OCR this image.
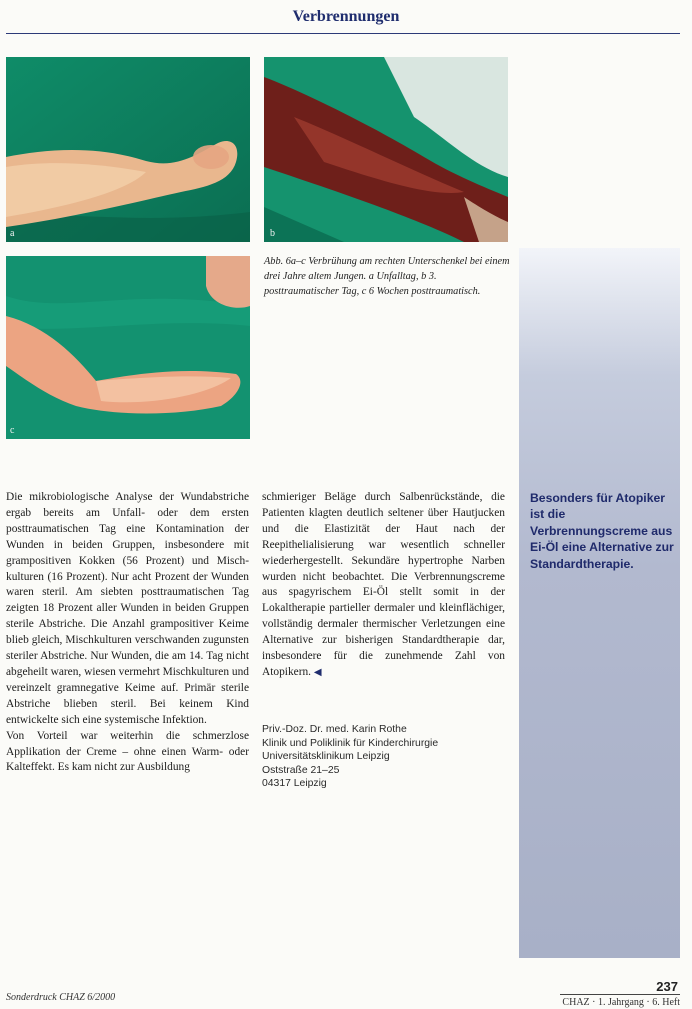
Verbrennungen
a	b
c
Abb. 6a–c Verbrühung am rechten Unterschenkel bei einem drei Jahre altem Jungen. a Unfalltag, b 3. posttraumatischer Tag, c 6 Wochen posttraumatisch.
Besonders für Atopiker ist die Verbrennungscreme aus Ei-Öl eine Alternative zur Standardtherapie.

Die mikrobiologische Analyse der Wundabstriche ergab bereits am Unfall- oder dem ersten posttraumatischen Tag eine Kontamination der Wunden in beiden Gruppen, insbesondere mit grampositiven Kokken (56 Prozent) und Mischkulturen (16 Prozent). Nur acht Prozent der Wunden waren steril. Am siebten posttraumatischen Tag zeigten 18 Prozent aller Wunden in beiden Gruppen sterile Abstriche. Die Anzahl grampositiver Keime blieb gleich, Mischkulturen verschwanden zugunsten steriler Abstriche. Nur Wunden, die am 14. Tag nicht abgeheilt waren, wiesen vermehrt Mischkulturen und vereinzelt gramnegative Keime auf. Primär sterile Abstriche blieben steril. Bei keinem Kind entwickelte sich eine systemische Infektion.

Von Vorteil war weiterhin die schmerzlose Applikation der Creme – ohne einen Warm- oder Kalteffekt. Es kam nicht zur Ausbildung

schmieriger Beläge durch Salbenrückstände, die Patienten klagten deutlich seltener über Hautjucken und die Elastizität der Haut nach der Reepithelialisierung war wesentlich schneller wiederhergestellt. Sekundäre hypertrophe Narben wurden nicht beobachtet. Die Verbrennungscreme aus spagyrischem Ei-Öl stellt somit in der Lokaltherapie partieller dermaler und kleinflächiger, vollständig dermaler thermischer Verletzungen eine Alternative zur bisherigen Standardtherapie dar, insbesondere für die zunehmende Zahl von Atopikern. ◀

Priv.-Doz. Dr. med. Karin Rothe
Klinik und Poliklinik für Kinderchirurgie
Universitätsklinikum Leipzig
Oststraße 21–25
04317 Leipzig
Sonderdruck CHAZ 6/2000
237
CHAZ · 1. Jahrgang · 6. Heft
